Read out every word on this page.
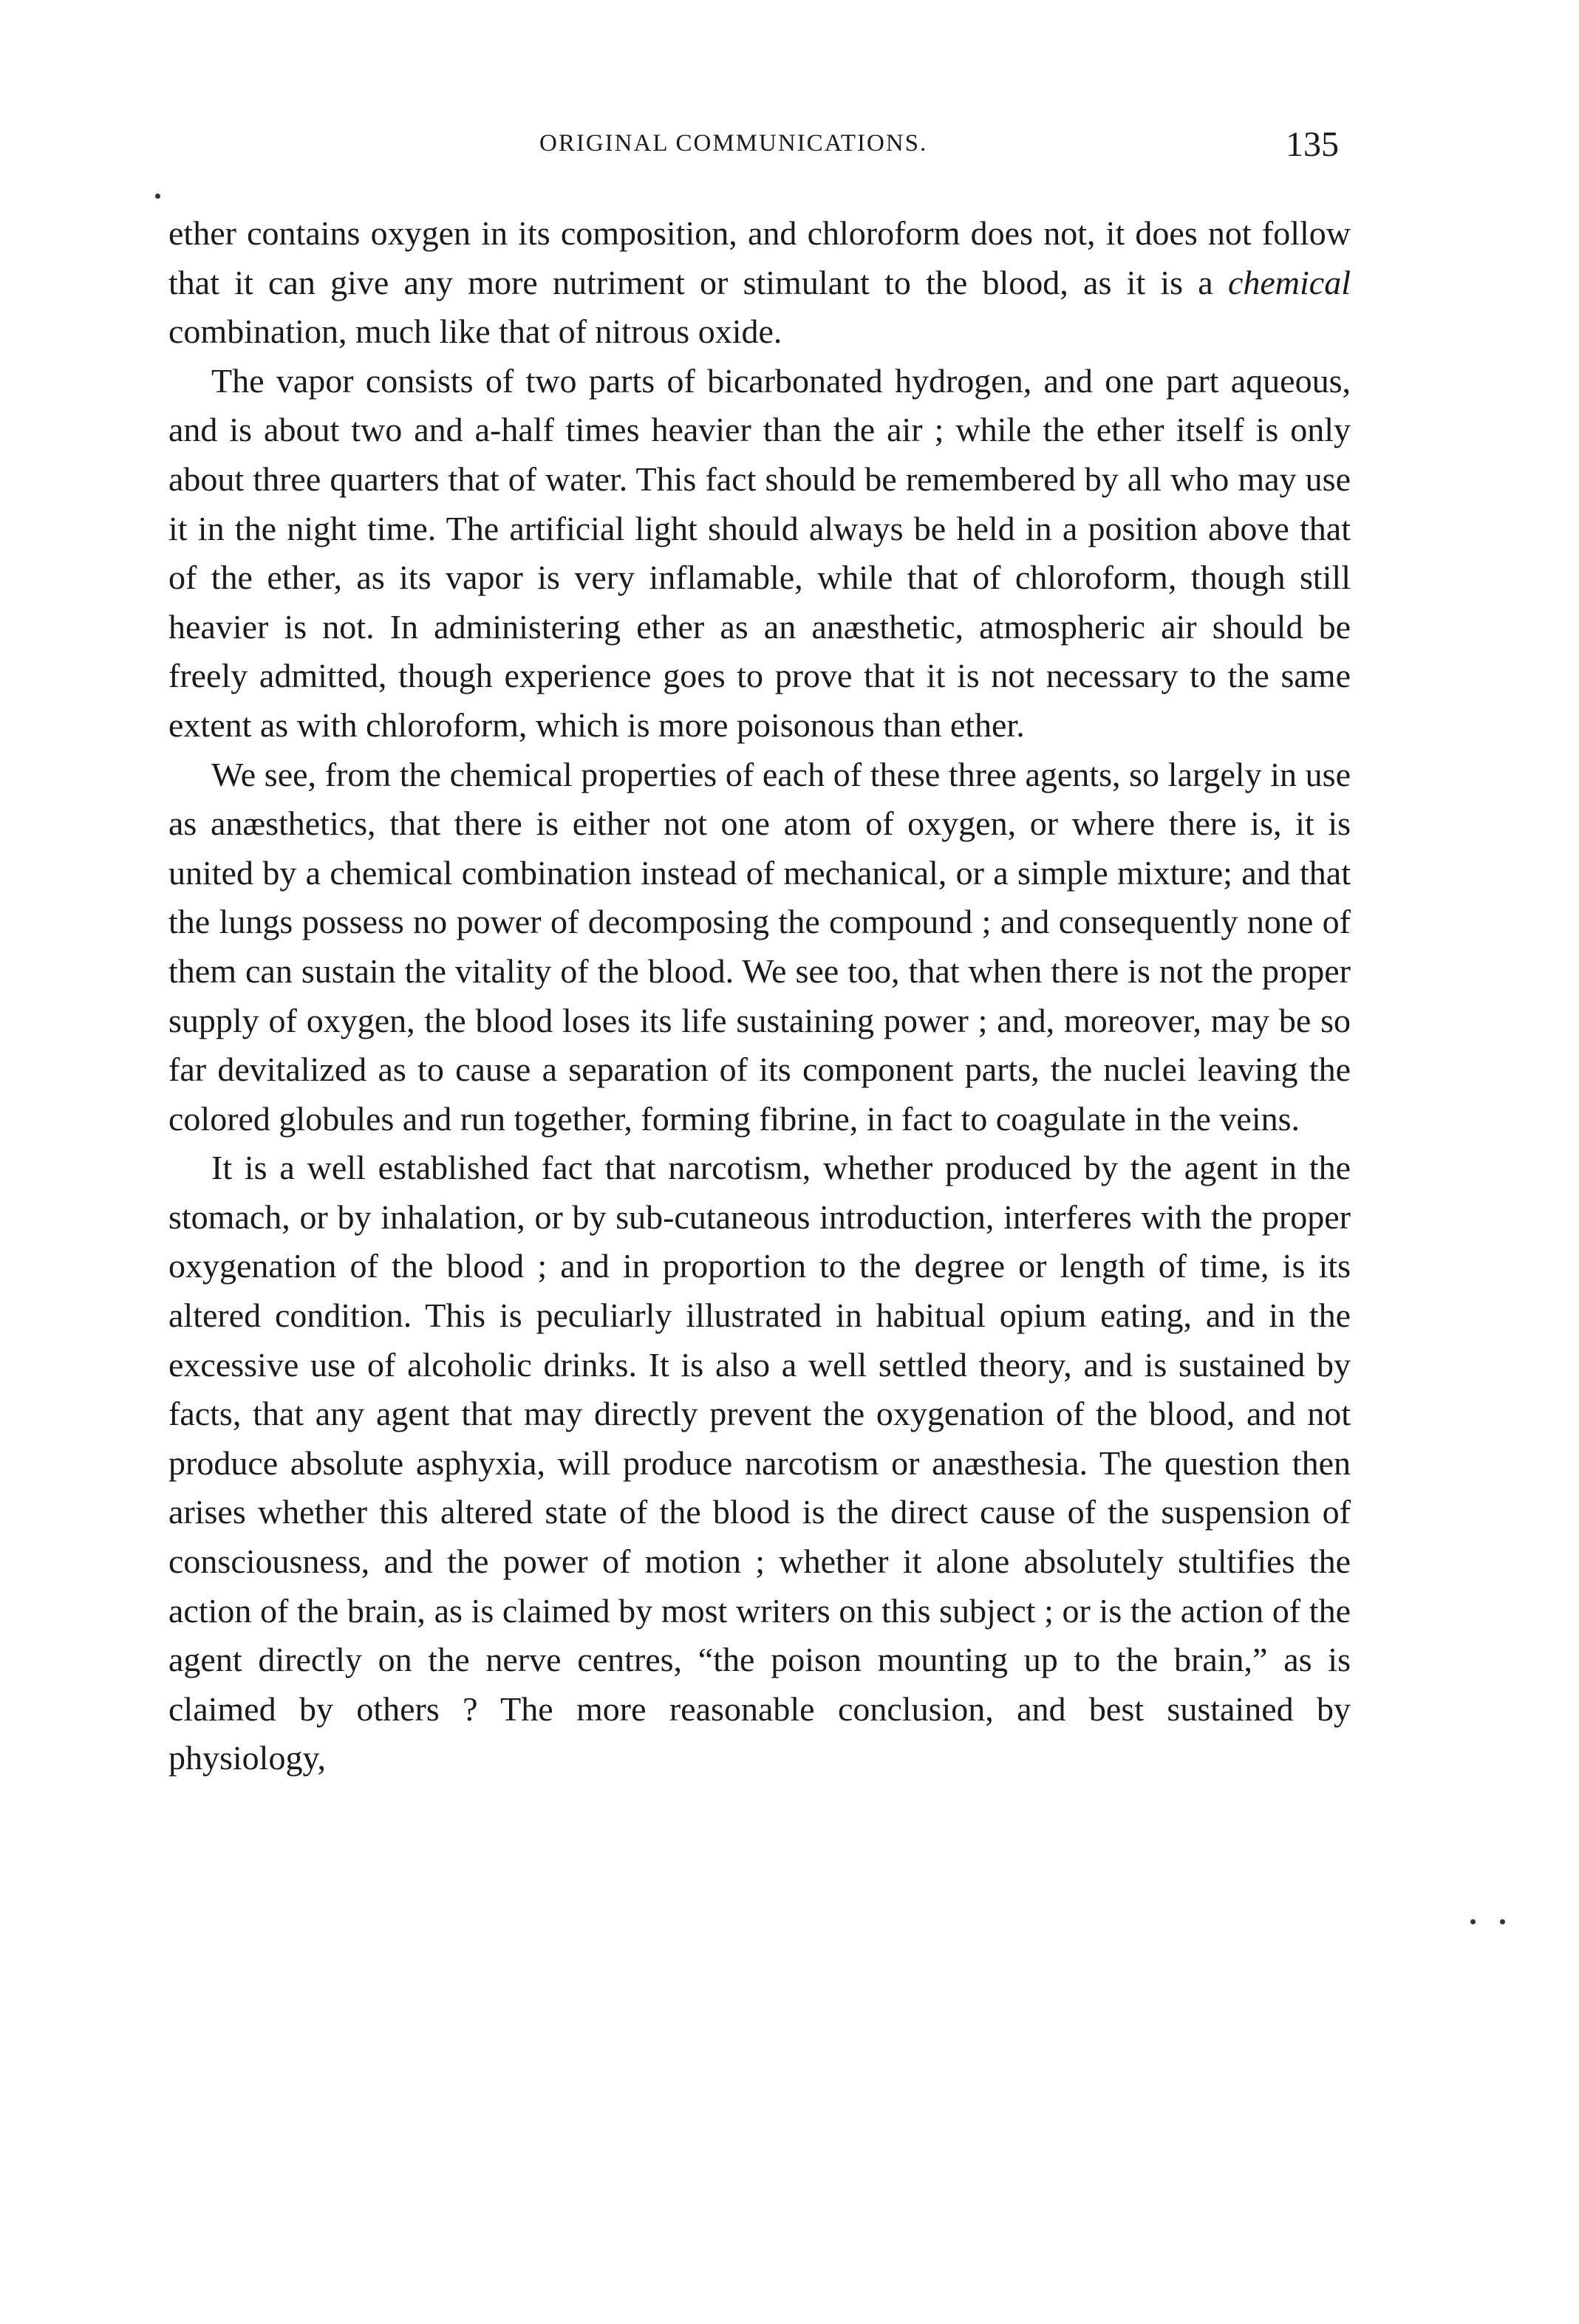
ORIGINAL COMMUNICATIONS.	135

ether contains oxygen in its composition, and chloroform does not, it does not follow that it can give any more nutriment or stimulant to the blood, as it is a chemical combination, much like that of nitrous oxide.

The vapor consists of two parts of bicarbonated hydrogen, and one part aqueous, and is about two and a-half times heavier than the air ; while the ether itself is only about three quarters that of water. This fact should be remembered by all who may use it in the night time. The artificial light should always be held in a position above that of the ether, as its vapor is very inflamable, while that of chloroform, though still heavier is not. In administering ether as an anæsthetic, atmospheric air should be freely admitted, though experience goes to prove that it is not necessary to the same extent as with chloroform, which is more poisonous than ether.

We see, from the chemical properties of each of these three agents, so largely in use as anæsthetics, that there is either not one atom of oxygen, or where there is, it is united by a chemical combination instead of mechanical, or a simple mixture; and that the lungs possess no power of decomposing the compound ; and consequently none of them can sustain the vitality of the blood. We see too, that when there is not the proper supply of oxygen, the blood loses its life sustaining power ; and, moreover, may be so far devitalized as to cause a separation of its component parts, the nuclei leaving the colored globules and run together, forming fibrine, in fact to coagulate in the veins.

It is a well established fact that narcotism, whether produced by the agent in the stomach, or by inhalation, or by sub-cutaneous introduction, interferes with the proper oxygenation of the blood ; and in proportion to the degree or length of time, is its altered condition. This is peculiarly illustrated in habitual opium eating, and in the excessive use of alcoholic drinks. It is also a well settled theory, and is sustained by facts, that any agent that may directly prevent the oxygenation of the blood, and not produce absolute asphyxia, will produce narcotism or anæsthesia. The question then arises whether this altered state of the blood is the direct cause of the suspension of consciousness, and the power of motion ; whether it alone absolutely stultifies the action of the brain, as is claimed by most writers on this subject ; or is the action of the agent directly on the nerve centres, “the poison mounting up to the brain,” as is claimed by others ? The more reasonable conclusion, and best sustained by physiology,
